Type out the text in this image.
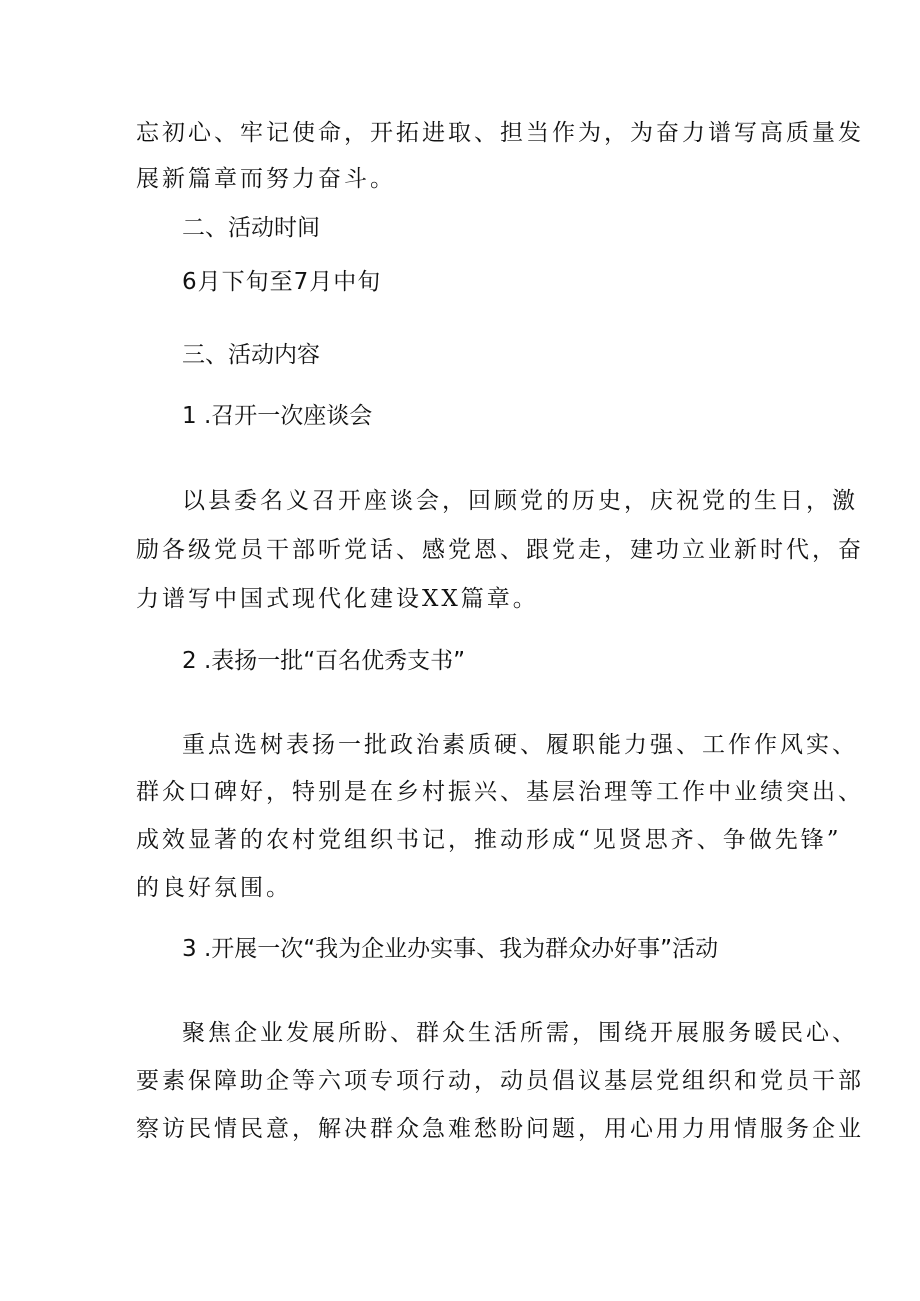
忘初心、牢记使命，开拓进取、担当作为，为奋力谱写高质量发
展新篇章而努力奋斗。
二、活动时间
6月下旬至7月中旬
三、活动内容
1 .召开一次座谈会
以县委名义召开座谈会，回顾党的历史，庆祝党的生日，激
励各级党员干部听党话、感党恩、跟党走，建功立业新时代，奋
力谱写中国式现代化建设XX篇章。
2 .表扬一批“百名优秀支书”
重点选树表扬一批政治素质硬、履职能力强、工作作风实、
群众口碑好，特别是在乡村振兴、基层治理等工作中业绩突出、
成效显著的农村党组织书记，推动形成“见贤思齐、争做先锋”
的良好氛围。
3 .开展一次“我为企业办实事、我为群众办好事”活动
聚焦企业发展所盼、群众生活所需，围绕开展服务暖民心、
要素保障助企等六项专项行动，动员倡议基层党组织和党员干部
察访民情民意，解决群众急难愁盼问题，用心用力用情服务企业
